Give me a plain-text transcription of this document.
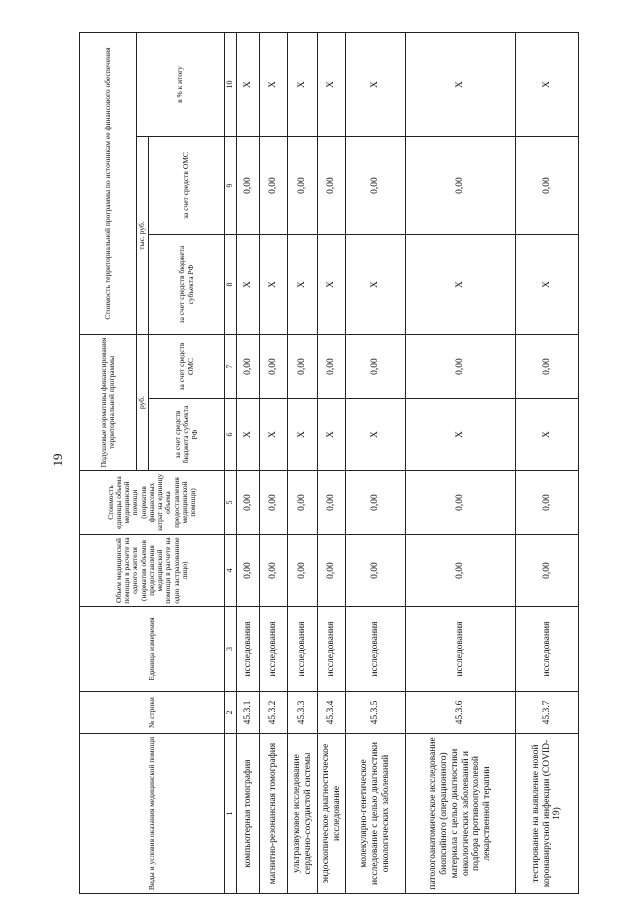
19
Виды и условия оказания медицинской помощи	№ строки	Единица измерения	Объем медицинской помощи в расчете на одного жителя (норматив объемов предоставления медицинской помощи в расчете на одно застрахованное лицо)	Стоимость единицы объема медицинской помощи (норматив финансовых затрат на единицу объема предоставления медицинской помощи)	Подушевые нормативы финансирования территориальной программы		Стоимость территориальной программы по источникам ее финансового обеспечения		
					руб.		тыс. руб.		в % к итогу
					за счет средств бюджета субъекта РФ	за счет средств ОМС	за счет средств бюджета субъекта РФ	за счет средств ОМС	
1	2	3	4	5	6	7	8	9	10
компьютерная томография	45.3.1	исследования	0,00	0,00	Х	0,00	Х	0,00	Х
магнитно-резонансная томография	45.3.2	исследования	0,00	0,00	Х	0,00	Х	0,00	Х
ультразвуковое исследование сердечно-сосудистой системы	45.3.3	исследования	0,00	0,00	Х	0,00	Х	0,00	Х
эндоскопическое диагностическое исследование	45.3.4	исследования	0,00	0,00	Х	0,00	Х	0,00	Х
молекулярно-генетическое исследование с целью диагностики онкологических заболеваний	45.3.5	исследования	0,00	0,00	Х	0,00	Х	0,00	Х
патологоанатомическое исследование биопсийного (операционного) материала с целью диагностики онкологических заболеваний и подбора противоопухолевой лекарственной терапии	45.3.6	исследования	0,00	0,00	Х	0,00	Х	0,00	Х
тестирование на выявление новой коронавирусной инфекции (COVID-19)	45.3.7	исследования	0,00	0,00	Х	0,00	Х	0,00	Х
